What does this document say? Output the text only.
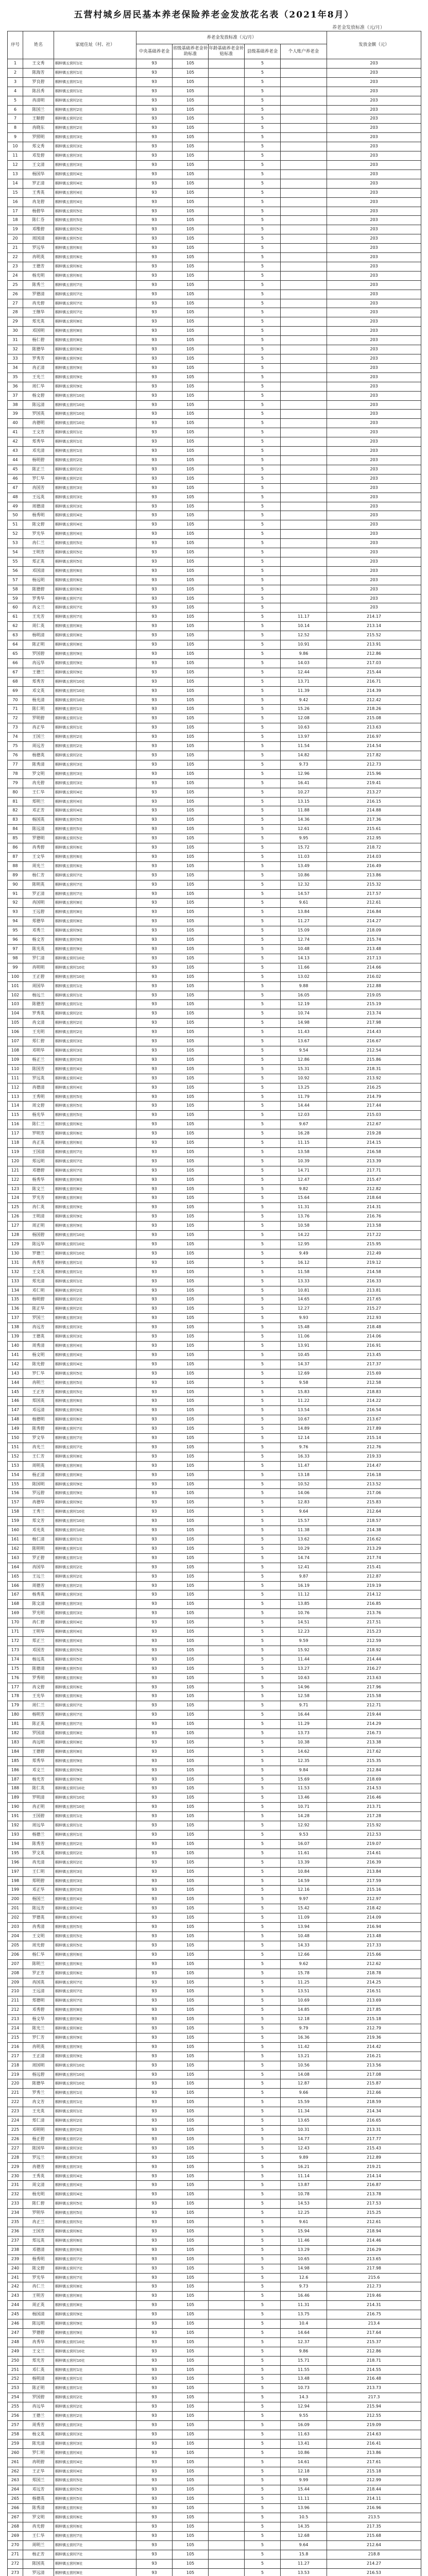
五营村城乡居民基本养老保险养老金发放花名表（2021年8月）
养老金发放标准（元/月）
序号	姓名	家庭住址（村、社）	养老金发放标准（元/月）					发放金额（元）
			中央基础养老金	省级基础养老金补助标准	年龄基础养老金补贴标准	县级基础养老金	个人账户养老金	
1	王文秀	桐梓镇五营村1社	93	105		5		203
2	陈海芳	桐梓镇五营村1社	93	105		5		203
3	罗良碧	桐梓镇五营村1社	93	105		5		203
4	陈昌秀	桐梓镇五营村1社	93	105		5		203
5	冉清明	桐梓镇五营村2社	93	105		5		203
6	陈国兰	桐梓镇五营村2社	93	105		5		203
7	王顺碧	桐梓镇五营村2社	93	105		5		203
8	冉晓东	桐梓镇五营村2社	93	105		5		203
9	罗照明	桐梓镇五营村3社	93	105		5		203
10	郑文秀	桐梓镇五营村3社	93	105		5		203
11	邓发碧	桐梓镇五营村3社	93	105		5		203
12	王文清	桐梓镇五营村3社	93	105		5		203
13	杨国华	桐梓镇五营村4社	93	105		5		203
14	罗正清	桐梓镇五营村4社	93	105		5		203
15	王秀英	桐梓镇五营村4社	93	105		5		203
16	冉龙碧	桐梓镇五营村4社	93	105		5		203
17	杨碧华	桐梓镇五营村5社	93	105		5		203
18	陈仁芬	桐梓镇五营村5社	93	105		5		203
19	邓维碧	桐梓镇五营村5社	93	105		5		203
20	周国清	桐梓镇五营村5社	93	105		5		203
21	罗远华	桐梓镇五营村6社	93	105		5		203
22	冉明英	桐梓镇五营村6社	93	105		5		203
23	王德芳	桐梓镇五营村6社	93	105		5		203
24	杨光明	桐梓镇五营村6社	93	105		5		203
25	陈秀兰	桐梓镇五营村7社	93	105		5		203
26	罗德清	桐梓镇五营村7社	93	105		5		203
27	冉光碧	桐梓镇五营村7社	93	105		5		203
28	王继华	桐梓镇五营村7社	93	105		5		203
29	郑光英	桐梓镇五营村8社	93	105		5		203
30	邓国明	桐梓镇五营村8社	93	105		5		203
31	杨仁碧	桐梓镇五营村8社	93	105		5		203
32	陈德华	桐梓镇五营村8社	93	105		5		203
33	罗秀芳	桐梓镇五营村9社	93	105		5		203
34	冉正清	桐梓镇五营村9社	93	105		5		203
35	王光兰	桐梓镇五营村9社	93	105		5		203
36	周仁华	桐梓镇五营村9社	93	105		5		203
37	杨文碧	桐梓镇五营村10社	93	105		5		203
38	陈远清	桐梓镇五营村10社	93	105		5		203
39	罗国英	桐梓镇五营村10社	93	105		5		203
40	冉德明	桐梓镇五营村10社	93	105		5		203
41	王文芳	桐梓镇五营村1社	93	105		5		203
42	郑秀华	桐梓镇五营村1社	93	105		5		203
43	邓光清	桐梓镇五营村1社	93	105		5		203
44	杨明碧	桐梓镇五营村2社	93	105		5		203
45	陈正兰	桐梓镇五营村2社	93	105		5		203
46	罗仁华	桐梓镇五营村2社	93	105		5		203
47	冉国芳	桐梓镇五营村3社	93	105		5		203
48	王远英	桐梓镇五营村3社	93	105		5		203
49	周德清	桐梓镇五营村3社	93	105		5		203
50	杨秀明	桐梓镇五营村4社	93	105		5		203
51	陈文碧	桐梓镇五营村4社	93	105		5		203
52	罗光华	桐梓镇五营村4社	93	105		5		203
53	冉仁兰	桐梓镇五营村5社	93	105		5		203
54	王明芳	桐梓镇五营村5社	93	105		5		203
55	郑正英	桐梓镇五营村5社	93	105		5		203
56	邓国清	桐梓镇五营村6社	93	105		5		203
57	杨远明	桐梓镇五营村6社	93	105		5		203
58	陈德碧	桐梓镇五营村6社	93	105		5		203
59	罗秀华	桐梓镇五营村7社	93	105		5		203
60	冉文兰	桐梓镇五营村7社	93	105		5		203
61	王光芳	桐梓镇五营村7社	93	105		5	11.17	214.17
62	周仁英	桐梓镇五营村8社	93	105		5	10.14	213.14
63	杨明清	桐梓镇五营村8社	93	105		5	12.52	215.52
64	陈正明	桐梓镇五营村8社	93	105		5	10.91	213.91
65	罗国碧	桐梓镇五营村9社	93	105		5	9.86	212.86
66	冉远华	桐梓镇五营村9社	93	105		5	14.03	217.03
67	王德兰	桐梓镇五营村9社	93	105		5	12.44	215.44
68	郑秀芳	桐梓镇五营村10社	93	105		5	13.71	216.71
69	邓文英	桐梓镇五营村10社	93	105		5	11.39	214.39
70	杨光清	桐梓镇五营村10社	93	105		5	9.42	212.42
71	陈仁明	桐梓镇五营村1社	93	105		5	15.26	218.26
72	罗明碧	桐梓镇五营村1社	93	105		5	12.08	215.08
73	冉正华	桐梓镇五营村1社	93	105		5	10.63	213.63
74	王国兰	桐梓镇五营村2社	93	105		5	13.97	216.97
75	周远芳	桐梓镇五营村2社	93	105		5	11.54	214.54
76	杨德英	桐梓镇五营村2社	93	105		5	14.82	217.82
77	陈秀清	桐梓镇五营村3社	93	105		5	9.73	212.73
78	罗文明	桐梓镇五营村3社	93	105		5	12.96	215.96
79	冉光碧	桐梓镇五营村3社	93	105		5	16.41	219.41
80	王仁华	桐梓镇五营村4社	93	105		5	10.27	213.27
81	郑明兰	桐梓镇五营村4社	93	105		5	13.15	216.15
82	邓正芳	桐梓镇五营村4社	93	105		5	11.88	214.88
83	杨国英	桐梓镇五营村5社	93	105		5	14.36	217.36
84	陈远清	桐梓镇五营村5社	93	105		5	12.61	215.61
85	罗德明	桐梓镇五营村5社	93	105		5	9.95	212.95
86	冉秀碧	桐梓镇五营村6社	93	105		5	15.72	218.72
87	王文华	桐梓镇五营村6社	93	105		5	11.03	214.03
88	周光兰	桐梓镇五营村6社	93	105		5	13.49	216.49
89	杨仁芳	桐梓镇五营村7社	93	105		5	10.86	213.86
90	陈明英	桐梓镇五营村7社	93	105		5	12.32	215.32
91	罗正清	桐梓镇五营村7社	93	105		5	14.57	217.57
92	冉国明	桐梓镇五营村8社	93	105		5	9.61	212.61
93	王远碧	桐梓镇五营村8社	93	105		5	13.84	216.84
94	郑德华	桐梓镇五营村8社	93	105		5	11.27	214.27
95	邓秀兰	桐梓镇五营村9社	93	105		5	15.09	218.09
96	杨文芳	桐梓镇五营村9社	93	105		5	12.74	215.74
97	陈光英	桐梓镇五营村9社	93	105		5	10.48	213.48
98	罗仁清	桐梓镇五营村10社	93	105		5	14.13	217.13
99	冉明明	桐梓镇五营村10社	93	105		5	11.66	214.66
100	王正碧	桐梓镇五营村10社	93	105		5	13.02	216.02
101	周国华	桐梓镇五营村1社	93	105		5	9.88	212.88
102	杨远兰	桐梓镇五营村1社	93	105		5	16.05	219.05
103	陈德芳	桐梓镇五营村1社	93	105		5	12.19	215.19
104	罗秀英	桐梓镇五营村2社	93	105		5	10.74	213.74
105	冉文清	桐梓镇五营村2社	93	105		5	14.98	217.98
106	王光明	桐梓镇五营村2社	93	105		5	11.43	214.43
107	郑仁碧	桐梓镇五营村3社	93	105		5	13.67	216.67
108	邓明华	桐梓镇五营村3社	93	105		5	9.54	212.54
109	杨正兰	桐梓镇五营村3社	93	105		5	12.86	215.86
110	陈国芳	桐梓镇五营村4社	93	105		5	15.31	218.31
111	罗远英	桐梓镇五营村4社	93	105		5	10.92	213.92
112	冉德清	桐梓镇五营村4社	93	105		5	13.25	216.25
113	王秀明	桐梓镇五营村5社	93	105		5	11.79	214.79
114	周文碧	桐梓镇五营村5社	93	105		5	14.44	217.44
115	杨光华	桐梓镇五营村5社	93	105		5	12.03	215.03
116	陈仁兰	桐梓镇五营村6社	93	105		5	9.67	212.67
117	罗明芳	桐梓镇五营村6社	93	105		5	16.28	219.28
118	冉正英	桐梓镇五营村6社	93	105		5	11.15	214.15
119	王国清	桐梓镇五营村7社	93	105		5	13.58	216.58
120	郑远明	桐梓镇五营村7社	93	105		5	10.39	213.39
121	邓德碧	桐梓镇五营村7社	93	105		5	14.71	217.71
122	杨秀华	桐梓镇五营村8社	93	105		5	12.47	215.47
123	陈文兰	桐梓镇五营村8社	93	105		5	9.82	212.82
124	罗光芳	桐梓镇五营村8社	93	105		5	15.64	218.64
125	冉仁英	桐梓镇五营村9社	93	105		5	11.31	214.31
126	王明清	桐梓镇五营村9社	93	105		5	13.76	216.76
127	周正明	桐梓镇五营村9社	93	105		5	10.58	213.58
128	杨国碧	桐梓镇五营村10社	93	105		5	14.22	217.22
129	陈远华	桐梓镇五营村10社	93	105		5	12.95	215.95
130	罗德兰	桐梓镇五营村10社	93	105		5	9.49	212.49
131	冉秀芳	桐梓镇五营村1社	93	105		5	16.12	219.12
132	王文英	桐梓镇五营村1社	93	105		5	11.58	214.58
133	郑光清	桐梓镇五营村1社	93	105		5	13.33	216.33
134	邓仁明	桐梓镇五营村2社	93	105		5	10.81	213.81
135	杨明碧	桐梓镇五营村2社	93	105		5	14.65	217.65
136	陈正华	桐梓镇五营村2社	93	105		5	12.27	215.27
137	罗国兰	桐梓镇五营村3社	93	105		5	9.93	212.93
138	冉远芳	桐梓镇五营村3社	93	105		5	15.48	218.48
139	王德英	桐梓镇五营村3社	93	105		5	11.06	214.06
140	周秀清	桐梓镇五营村4社	93	105		5	13.91	216.91
141	杨文明	桐梓镇五营村4社	93	105		5	10.45	213.45
142	陈光碧	桐梓镇五营村4社	93	105		5	14.37	217.37
143	罗仁华	桐梓镇五营村5社	93	105		5	12.69	215.69
144	冉明兰	桐梓镇五营村5社	93	105		5	9.58	212.58
145	王正芳	桐梓镇五营村5社	93	105		5	15.83	218.83
146	郑国英	桐梓镇五营村6社	93	105		5	11.22	214.22
147	邓远清	桐梓镇五营村6社	93	105		5	13.54	216.54
148	杨德明	桐梓镇五营村6社	93	105		5	10.67	213.67
149	陈秀碧	桐梓镇五营村7社	93	105		5	14.89	217.89
150	罗文华	桐梓镇五营村7社	93	105		5	12.14	215.14
151	冉光兰	桐梓镇五营村7社	93	105		5	9.76	212.76
152	王仁芳	桐梓镇五营村8社	93	105		5	16.33	219.33
153	周明英	桐梓镇五营村8社	93	105		5	11.47	214.47
154	杨正清	桐梓镇五营村8社	93	105		5	13.18	216.18
155	陈国明	桐梓镇五营村9社	93	105		5	10.52	213.52
156	罗远碧	桐梓镇五营村9社	93	105		5	14.06	217.06
157	冉德华	桐梓镇五营村9社	93	105		5	12.83	215.83
158	王秀兰	桐梓镇五营村10社	93	105		5	9.64	212.64
159	郑文芳	桐梓镇五营村10社	93	105		5	15.57	218.57
160	邓光英	桐梓镇五营村10社	93	105		5	11.38	214.38
161	杨仁清	桐梓镇五营村1社	93	105		5	13.62	216.62
162	陈明明	桐梓镇五营村1社	93	105		5	10.29	213.29
163	罗正碧	桐梓镇五营村1社	93	105		5	14.74	217.74
164	冉国华	桐梓镇五营村2社	93	105		5	12.41	215.41
165	王远兰	桐梓镇五营村2社	93	105		5	9.87	212.87
166	周德芳	桐梓镇五营村2社	93	105		5	16.19	219.19
167	杨秀英	桐梓镇五营村3社	93	105		5	11.12	214.12
168	陈文清	桐梓镇五营村3社	93	105		5	13.85	216.85
169	罗光明	桐梓镇五营村3社	93	105		5	10.76	213.76
170	冉仁碧	桐梓镇五营村4社	93	105		5	14.51	217.51
171	王明华	桐梓镇五营村4社	93	105		5	12.23	215.23
172	郑正兰	桐梓镇五营村4社	93	105		5	9.59	212.59
173	邓国芳	桐梓镇五营村5社	93	105		5	15.92	218.92
174	杨远英	桐梓镇五营村5社	93	105		5	11.44	214.44
175	陈德清	桐梓镇五营村5社	93	105		5	13.27	216.27
176	罗秀明	桐梓镇五营村6社	93	105		5	10.63	213.63
177	冉文碧	桐梓镇五营村6社	93	105		5	14.96	217.96
178	王光华	桐梓镇五营村6社	93	105		5	12.58	215.58
179	周仁兰	桐梓镇五营村7社	93	105		5	9.71	212.71
180	杨明芳	桐梓镇五营村7社	93	105		5	16.44	219.44
181	陈正英	桐梓镇五营村7社	93	105		5	11.29	214.29
182	罗国清	桐梓镇五营村8社	93	105		5	13.73	216.73
183	冉远明	桐梓镇五营村8社	93	105		5	10.38	213.38
184	王德碧	桐梓镇五营村8社	93	105		5	14.62	217.62
185	郑秀华	桐梓镇五营村9社	93	105		5	12.35	215.35
186	邓文兰	桐梓镇五营村9社	93	105		5	9.84	212.84
187	杨光芳	桐梓镇五营村9社	93	105		5	15.69	218.69
188	陈仁英	桐梓镇五营村10社	93	105		5	11.53	214.53
189	罗明清	桐梓镇五营村10社	93	105		5	13.46	216.46
190	冉正明	桐梓镇五营村10社	93	105		5	10.71	213.71
191	王国碧	桐梓镇五营村1社	93	105		5	14.28	217.28
192	周远华	桐梓镇五营村1社	93	105		5	12.92	215.92
193	杨德兰	桐梓镇五营村1社	93	105		5	9.53	212.53
194	陈秀芳	桐梓镇五营村2社	93	105		5	16.07	219.07
195	罗文英	桐梓镇五营村2社	93	105		5	11.61	214.61
196	冉光清	桐梓镇五营村2社	93	105		5	13.39	216.39
197	王仁明	桐梓镇五营村3社	93	105		5	10.84	213.84
198	郑明碧	桐梓镇五营村3社	93	105		5	14.59	217.59
199	邓正华	桐梓镇五营村3社	93	105		5	12.16	215.16
200	杨国兰	桐梓镇五营村4社	93	105		5	9.97	212.97
201	陈远芳	桐梓镇五营村4社	93	105		5	15.42	218.42
202	罗德英	桐梓镇五营村4社	93	105		5	11.09	214.09
203	冉秀清	桐梓镇五营村5社	93	105		5	13.94	216.94
204	王文明	桐梓镇五营村5社	93	105		5	10.48	213.48
205	周光碧	桐梓镇五营村5社	93	105		5	14.33	217.33
206	杨仁华	桐梓镇五营村6社	93	105		5	12.66	215.66
207	陈明兰	桐梓镇五营村6社	93	105		5	9.62	212.62
208	罗正芳	桐梓镇五营村6社	93	105		5	15.78	218.78
209	冉国英	桐梓镇五营村7社	93	105		5	11.25	214.25
210	王远清	桐梓镇五营村7社	93	105		5	13.51	216.51
211	郑德明	桐梓镇五营村7社	93	105		5	10.69	213.69
212	邓秀碧	桐梓镇五营村8社	93	105		5	14.85	217.85
213	杨文华	桐梓镇五营村8社	93	105		5	12.18	215.18
214	陈光兰	桐梓镇五营村8社	93	105		5	9.79	212.79
215	罗仁芳	桐梓镇五营村9社	93	105		5	16.36	219.36
216	冉明英	桐梓镇五营村9社	93	105		5	11.42	214.42
217	王正清	桐梓镇五营村9社	93	105		5	13.21	216.21
218	周国明	桐梓镇五营村10社	93	105		5	10.56	213.56
219	杨远碧	桐梓镇五营村10社	93	105		5	14.08	217.08
220	陈德华	桐梓镇五营村10社	93	105		5	12.87	215.87
221	罗秀兰	桐梓镇五营村1社	93	105		5	9.66	212.66
222	冉文芳	桐梓镇五营村1社	93	105		5	15.59	218.59
223	王光英	桐梓镇五营村1社	93	105		5	11.34	214.34
224	郑仁清	桐梓镇五营村2社	93	105		5	13.65	216.65
225	邓明明	桐梓镇五营村2社	93	105		5	10.31	213.31
226	杨正碧	桐梓镇五营村2社	93	105		5	14.77	217.77
227	陈国华	桐梓镇五营村3社	93	105		5	12.43	215.43
228	罗远兰	桐梓镇五营村3社	93	105		5	9.89	212.89
229	冉德芳	桐梓镇五营村3社	93	105		5	16.21	219.21
230	王秀英	桐梓镇五营村4社	93	105		5	11.14	214.14
231	周文清	桐梓镇五营村4社	93	105		5	13.87	216.87
232	杨光明	桐梓镇五营村4社	93	105		5	10.78	213.78
233	陈仁碧	桐梓镇五营村5社	93	105		5	14.53	217.53
234	罗明华	桐梓镇五营村5社	93	105		5	12.25	215.25
235	冉正兰	桐梓镇五营村5社	93	105		5	9.61	212.61
236	王国芳	桐梓镇五营村6社	93	105		5	15.94	218.94
237	郑远英	桐梓镇五营村6社	93	105		5	11.46	214.46
238	邓德清	桐梓镇五营村6社	93	105		5	13.29	216.29
239	杨秀明	桐梓镇五营村7社	93	105		5	10.65	213.65
240	陈文碧	桐梓镇五营村7社	93	105		5	14.98	217.98
241	罗光华	桐梓镇五营村7社	93	105		5	12.6	215.6
242	冉仁兰	桐梓镇五营村8社	93	105		5	9.73	212.73
243	王明芳	桐梓镇五营村8社	93	105		5	16.46	219.46
244	周正英	桐梓镇五营村8社	93	105		5	11.31	214.31
245	杨国清	桐梓镇五营村9社	93	105		5	13.75	216.75
246	陈远明	桐梓镇五营村9社	93	105		5	10.4	213.4
247	罗德碧	桐梓镇五营村9社	93	105		5	14.64	217.64
248	冉秀华	桐梓镇五营村10社	93	105		5	12.37	215.37
249	王文兰	桐梓镇五营村10社	93	105		5	9.86	212.86
250	郑光芳	桐梓镇五营村10社	93	105		5	15.71	218.71
251	邓仁英	桐梓镇五营村1社	93	105		5	11.55	214.55
252	杨明清	桐梓镇五营村1社	93	105		5	13.48	216.48
253	陈正明	桐梓镇五营村1社	93	105		5	10.73	213.73
254	罗国碧	桐梓镇五营村2社	93	105		5	14.3	217.3
255	冉远华	桐梓镇五营村2社	93	105		5	12.94	215.94
256	王德兰	桐梓镇五营村2社	93	105		5	9.55	212.55
257	周秀芳	桐梓镇五营村3社	93	105		5	16.09	219.09
258	杨文英	桐梓镇五营村3社	93	105		5	11.63	214.63
259	陈光清	桐梓镇五营村3社	93	105		5	13.41	216.41
260	罗仁明	桐梓镇五营村4社	93	105		5	10.86	213.86
261	冉明碧	桐梓镇五营村4社	93	105		5	14.61	217.61
262	王正华	桐梓镇五营村4社	93	105		5	12.18	215.18
263	郑国兰	桐梓镇五营村5社	93	105		5	9.99	212.99
264	邓远芳	桐梓镇五营村5社	93	105		5	15.44	218.44
265	杨德英	桐梓镇五营村5社	93	105		5	11.11	214.11
266	陈秀清	桐梓镇五营村6社	93	105		5	13.96	216.96
267	罗文明	桐梓镇五营村6社	93	105		5	10.5	213.5
268	冉光碧	桐梓镇五营村6社	93	105		5	14.35	217.35
269	王仁华	桐梓镇五营村7社	93	105		5	12.68	215.68
270	周明兰	桐梓镇五营村7社	93	105		5	9.64	212.64
271	杨正芳	桐梓镇五营村7社	93	105		5	15.8	218.8
272	陈国英	桐梓镇五营村8社	93	105		5	11.27	214.27
273	罗远清	桐梓镇五营村8社	93	105		5	13.53	216.53
